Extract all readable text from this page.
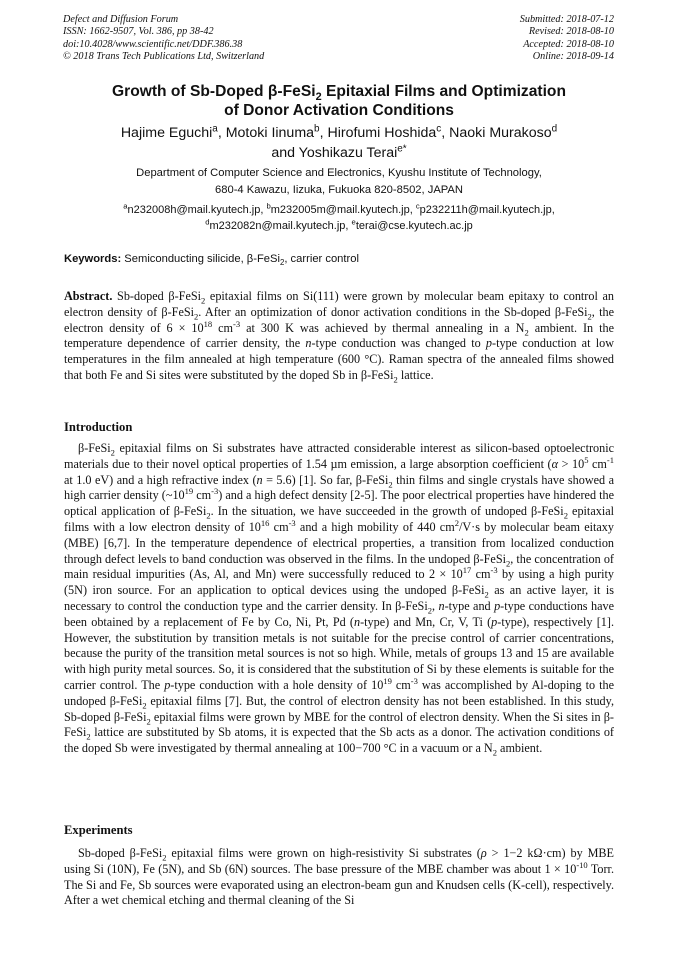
Defect and Diffusion Forum
ISSN: 1662-9507, Vol. 386, pp 38-42
doi:10.4028/www.scientific.net/DDF.386.38
© 2018 Trans Tech Publications Ltd, Switzerland
Submitted: 2018-07-12
Revised: 2018-08-10
Accepted: 2018-08-10
Online: 2018-09-14
Growth of Sb-Doped β-FeSi$_2$ Epitaxial Films and Optimization
of Donor Activation Conditions
Hajime Eguchi$^a$, Motoki Iinuma$^b$, Hirofumi Hoshida$^c$, Naoki Murakoso$^d$
and Yoshikazu Terai$^{e*}$
Department of Computer Science and Electronics, Kyushu Institute of Technology,
680-4 Kawazu, Iizuka, Fukuoka 820-8502, JAPAN
$^a$n232008h@mail.kyutech.jp, $^b$m232005m@mail.kyutech.jp, $^c$p232211h@mail.kyutech.jp,
$^d$m232082n@mail.kyutech.jp, $^e$terai@cse.kyutech.ac.jp
Keywords: Semiconducting silicide, β-FeSi$_2$, carrier control

Abstract. Sb-doped β-FeSi$_2$ epitaxial films on Si(111) were grown by molecular beam epitaxy to control an electron density of β-FeSi$_2$. After an optimization of donor activation conditions in the Sb-doped β-FeSi$_2$, the electron density of $6 \times 10^{18}$ $cm^{-3}$ at 300 K was achieved by thermal annealing in a $N_2$ ambient. In the temperature dependence of carrier density, the n-type conduction was changed to p-type conduction at low temperatures in the film annealed at high temperature (600 °C). Raman spectra of the annealed films showed that both Fe and Si sites were substituted by the doped Sb in β-FeSi$_2$ lattice.

Introduction

β-FeSi$_2$ epitaxial films on Si substrates have attracted considerable interest as silicon-based optoelectronic materials due to their novel optical properties of 1.54 µm emission, a large absorption coefficient ($\alpha > 10^5$ $cm^{-1}$ at 1.0 eV) and a high refractive index (n = 5.6) [1]. So far, β-FeSi$_2$ thin films and single crystals have showed a high carrier density ($\sim 10^{19}$ $cm^{-3}$) and a high defect density [2-5]. The poor electrical properties have hindered the optical application of β-FeSi$_2$. In the situation, we have succeeded in the growth of undoped β-FeSi$_2$ epitaxial films with a low electron density of $10^{16}$ $cm^{-3}$ and a high mobility of 440 $cm^2/V\cdot s$ by molecular beam eitaxy (MBE) [6,7]. In the temperature dependence of electrical properties, a transition from localized conduction through defect levels to band conduction was observed in the films. In the undoped β-FeSi$_2$, the concentration of main residual impurities (As, Al, and Mn) were successfully reduced to $2 \times 10^{17}$ $cm^{-3}$ by using a high purity (5N) iron source. For an application to optical devices using the undoped β-FeSi$_2$ as an active layer, it is necessary to control the conduction type and the carrier density. In β-FeSi$_2$, n-type and p-type conductions have been obtained by a replacement of Fe by Co, Ni, Pt, Pd (n-type) and Mn, Cr, V, Ti (p-type), respectively [1]. However, the substitution by transition metals is not suitable for the precise control of carrier concentrations, because the purity of the transition metal sources is not so high. While, metals of groups 13 and 15 are available with high purity metal sources. So, it is considered that the substitution of Si by these elements is suitable for the carrier control. The p-type conduction with a hole density of $10^{19}$ $cm^{-3}$ was accomplished by Al-doping to the undoped β-FeSi$_2$ epitaxial films [7]. But, the control of electron density has not been established. In this study, Sb-doped β-FeSi$_2$ epitaxial films were grown by MBE for the control of electron density. When the Si sites in β-FeSi$_2$ lattice are substituted by Sb atoms, it is expected that the Sb acts as a donor. The activation conditions of the doped Sb were investigated by thermal annealing at 100−700 °C in a vacuum or a $N_2$ ambient.

Experiments

Sb-doped β-FeSi$_2$ epitaxial films were grown on high-resistivity Si substrates (ρ > 1−2 kΩ·cm) by MBE using Si (10N), Fe (5N), and Sb (6N) sources. The base pressure of the MBE chamber was about $1 \times 10^{-10}$ Torr. The Si and Fe, Sb sources were evaporated using an electron-beam gun and Knudsen cells (K-cell), respectively. After a wet chemical etching and thermal cleaning of the Si
